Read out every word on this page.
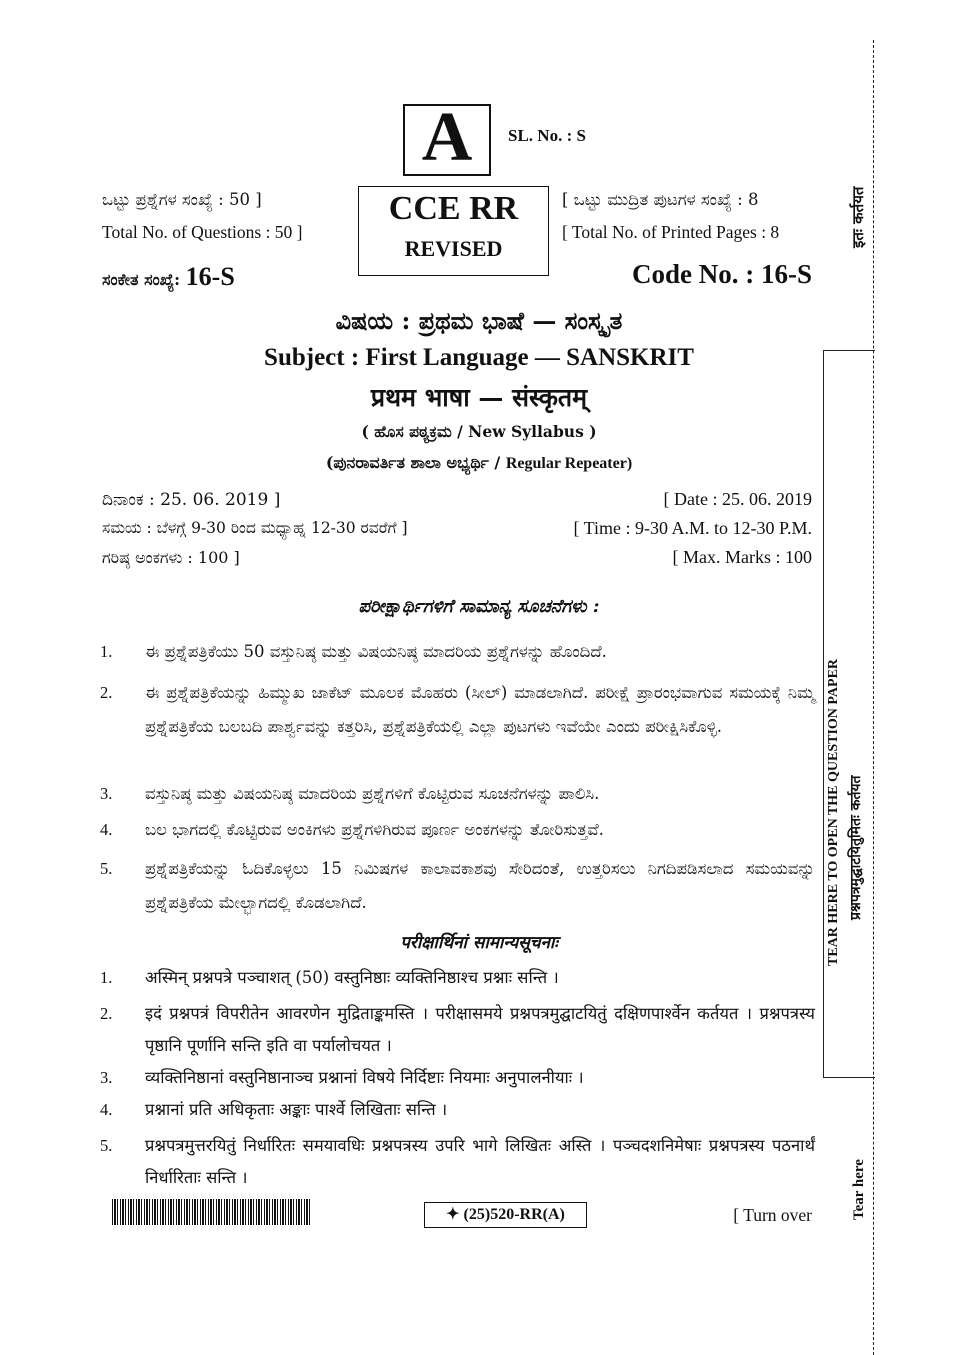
A	SL. No. : S
CCE RR
REVISED
ಒಟ್ಟು ಪ್ರಶ್ನೆಗಳ ಸಂಖ್ಯೆ : 50 ]
Total No. of Questions : 50 ]
ಸಂಕೇತ ಸಂಖ್ಯೆ: 16-S
[ ಒಟ್ಟು ಮುದ್ರಿತ ಪುಟಗಳ ಸಂಖ್ಯೆ : 8
[ Total No. of Printed Pages : 8
Code No. : 16-S
ವಿಷಯ : ಪ್ರಥಮ ಭಾಷೆ — ಸಂಸ್ಕೃತ
Subject : First Language — SANSKRIT
प्रथम भाषा — संस्कृतम्
( ಹೊಸ ಪಠ್ಯಕ್ರಮ / New Syllabus )
(ಪುನರಾವರ್ತಿತ ಶಾಲಾ ಅಭ್ಯರ್ಥಿ / Regular Repeater)
ದಿನಾಂಕ : 25. 06. 2019 ]	[ Date : 25. 06. 2019
ಸಮಯ : ಬೆಳಗ್ಗೆ 9-30 ರಿಂದ ಮಧ್ಯಾಹ್ನ 12-30 ರವರೆಗೆ ]	[ Time : 9-30 A.M. to 12-30 P.M.
ಗರಿಷ್ಠ ಅಂಕಗಳು : 100 ]	[ Max. Marks : 100
ಪರೀಕ್ಷಾರ್ಥಿಗಳಿಗೆ ಸಾಮಾನ್ಯ ಸೂಚನೆಗಳು :
1. ಈ ಪ್ರಶ್ನೆಪತ್ರಿಕೆಯು 50 ವಸ್ತುನಿಷ್ಠ ಮತ್ತು ವಿಷಯನಿಷ್ಠ ಮಾದರಿಯ ಪ್ರಶ್ನೆಗಳನ್ನು ಹೊಂದಿದೆ.
2. ಈ ಪ್ರಶ್ನೆಪತ್ರಿಕೆಯನ್ನು ಹಿಮ್ಮುಖ ಜಾಕೆಟ್ ಮೂಲಕ ಮೊಹರು (ಸೀಲ್) ಮಾಡಲಾಗಿದೆ. ಪರೀಕ್ಷೆ ಪ್ರಾರಂಭವಾಗುವ ಸಮಯಕ್ಕೆ ನಿಮ್ಮ ಪ್ರಶ್ನೆಪತ್ರಿಕೆಯ ಬಲಬದಿ ಪಾರ್ಶ್ವವನ್ನು ಕತ್ತರಿಸಿ, ಪ್ರಶ್ನೆಪತ್ರಿಕೆಯಲ್ಲಿ ಎಲ್ಲಾ ಪುಟಗಳು ಇವೆಯೇ ಎಂದು ಪರೀಕ್ಷಿಸಿಕೊಳ್ಳಿ.
3. ವಸ್ತುನಿಷ್ಠ ಮತ್ತು ವಿಷಯನಿಷ್ಠ ಮಾದರಿಯ ಪ್ರಶ್ನೆಗಳಿಗೆ ಕೊಟ್ಟಿರುವ ಸೂಚನೆಗಳನ್ನು ಪಾಲಿಸಿ.
4. ಬಲ ಭಾಗದಲ್ಲಿ ಕೊಟ್ಟಿರುವ ಅಂಕಿಗಳು ಪ್ರಶ್ನೆಗಳಿಗಿರುವ ಪೂರ್ಣ ಅಂಕಗಳನ್ನು ತೋರಿಸುತ್ತವೆ.
5. ಪ್ರಶ್ನೆಪತ್ರಿಕೆಯನ್ನು ಓದಿಕೊಳ್ಳಲು 15 ನಿಮಿಷಗಳ ಕಾಲಾವಕಾಶವು ಸೇರಿದಂತೆ, ಉತ್ತರಿಸಲು ನಿಗದಿಪಡಿಸಲಾದ ಸಮಯವನ್ನು ಪ್ರಶ್ನೆಪತ್ರಿಕೆಯ ಮೇಲ್ಭಾಗದಲ್ಲಿ ಕೊಡಲಾಗಿದೆ.
परीक्षार्थिनां सामान्यसूचनाः
1. अस्मिन् प्रश्नपत्रे पञ्चाशत् (50) वस्तुनिष्ठाः व्यक्तिनिष्ठाश्च प्रश्नाः सन्ति ।
2. इदं प्रश्नपत्रं विपरीतेन आवरणेन मुद्रिताङ्कमस्ति । परीक्षासमये प्रश्नपत्रमुद्घाटयितुं दक्षिणपार्श्वेन कर्तयत । प्रश्नपत्रस्य पृष्ठानि पूर्णानि सन्ति इति वा पर्यालोचयत ।
3. व्यक्तिनिष्ठानां वस्तुनिष्ठानाञ्च प्रश्नानां विषये निर्दिष्टाः नियमाः अनुपालनीयाः ।
4. प्रश्नानां प्रति अधिकृताः अङ्काः पार्श्वे लिखिताः सन्ति ।
5. प्रश्नपत्रमुत्तरयितुं निर्धारितः समयावधिः प्रश्नपत्रस्य उपरि भागे लिखितः अस्ति । पञ्चदशनिमेषाः प्रश्नपत्रस्य पठनार्थं निर्धारिताः सन्ति ।
✦ (25)520-RR(A)	[ Turn over
इतः कर्तयत
TEAR HERE TO OPEN THE QUESTION PAPER प्रश्नपत्रमुद्घाटयितुमितः कर्तयत
Tear here
